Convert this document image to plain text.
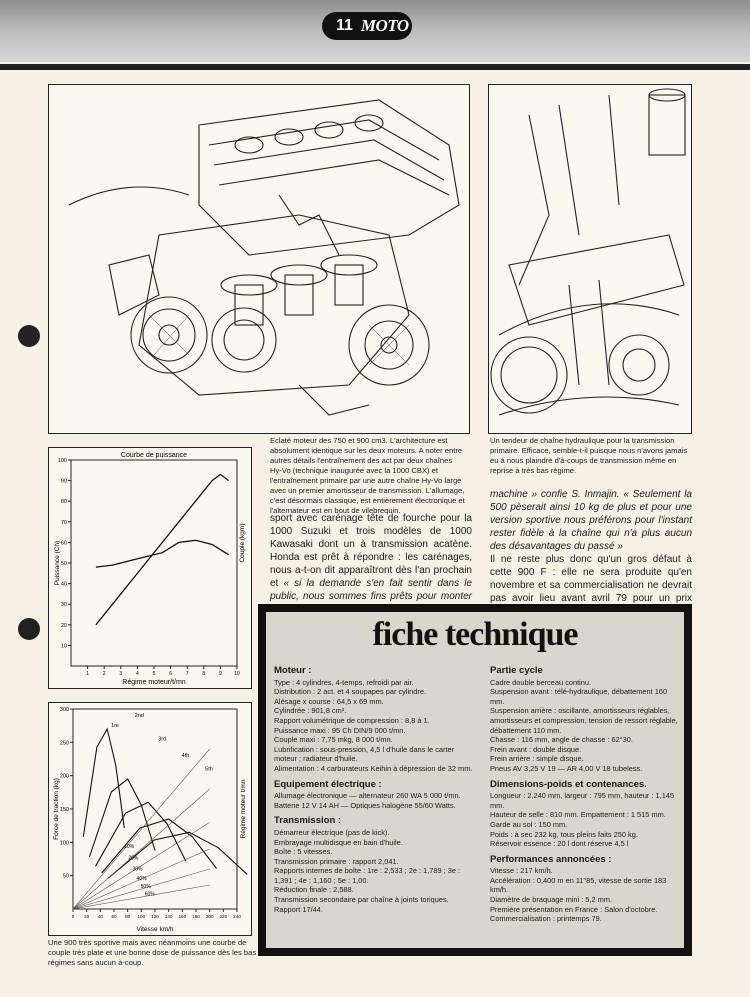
11 MOTO
Eclaté moteur des 750 et 900 cm3. L'architecture est absolument identique sur les deux moteurs. A noter entre autres détails l'entraînement des act par deux chaînes Hy-Vo (technique inaugurée avec la 1000 CBX) et l'entraînement primaire par une autre chaîne Hy-Vo large avec un premier amortisseur de transmission. L'allumage, c'est désormais classique, est entièrement électronique et l'alternateur est en bout de vilebrequin.
Un tendeur de chaîne hydraulique pour la transmission primaire. Efficace, semble-t-il puisque nous n'avons jamais eu à nous plaindre d'à-coups de transmission même en reprise à très bas régime.
Courbe de puissance
10
20
30
40
50
60
70
80
90
100
1	2	3	4	5	6	7	8	9 10
Régime moteur/t/mn
Puissance (Ch)	Couple (kgm)
50
100
150
200
250
300
0 20 40 60 80 100 120 140 160 180 200 220 240
Vitesse km/h
Force de traction (kg)	Régime moteur t/mn
1re
2nd
3rd
4th
5th
10%
20%
30%
40%
50%
60%
Une 900 très sportive mais avec néanmoins une courbe de couple très plate et une bonne dose de puissance dès les bas régimes sans aucun à-coup.

sport avec carénage tête de fourche pour la 1000 Suzuki et trois modèles de 1000 Kawasaki dont un à transmission acatène. Honda est prêt à répondre : les carénages, nous a-t-on dit apparaîtront dès l'an prochain et « si la demande s'en fait sentir dans le public, nous sommes fins prêts pour monter

machine » confie S. Inmajin. « Seulement la 500 pèserait ainsi 10 kg de plus et pour une version sportive nous préférons pour l'instant rester fidèle à la chaîne qui n'a plus aucun des désavantages du passé »

Il ne reste plus donc qu'un gros défaut à cette 900 F : elle ne sera produite qu'en novembre et sa commercialisation ne devrait pas avoir lieu avant avril 79 pour un prix

fiche technique
Moteur :

Type : 4 cylindres, 4-temps, refroidi par air.

Distribution : 2 act. et 4 soupapes par cylindre.

Alésage x course : 64,5 x 69 mm.

Cylindrée : 901,8 cm³.

Rapport volumétrique de compression : 8,8 à 1.

Puissance maxi : 95 Ch DIN/9 000 t/mn.

Couple maxi : 7,75 mkg, 8 000 t/mn.

Lubrification : sous-pression, 4,5 l d'huile dans le carter moteur ; radiateur d'huile.

Alimentation : 4 carburateurs Keihin à dépression de 32 mm.

Equipement électrique :

Allumage électronique — alternateur 260 WA 5 000 t/mn.

Batterie 12 V 14 AH — Optiques halogène 55/60 Watts.

Transmission :

Démarreur électrique (pas de kick).

Embrayage multidisque en bain d'huile.

Boîte : 5 vitesses.

Transmission primaire : rapport 2,041.

Rapports internes de boîte : 1re : 2,533 ; 2e : 1,789 ; 3e : 1,391 ; 4e : 1,160 ; 5e : 1,00.

Réduction finale : 2,588.

Transmission secondaire par chaîne à joints toriques. Rapport 17/44.

Partie cycle

Cadre double berceau continu.

Suspension avant : télé-hydraulique, débattement 160 mm.

Suspension arrière : oscillante, amortisseurs réglables, amortisseurs et compression, tension de ressort réglable, débattement 110 mm.

Chasse : 116 mm, angle de chasse : 62°30.

Frein avant : double disque.

Frein arrière : simple disque.

Pneus AV 3,25 V 19 — AR 4,00 V 18 tubeless.

Dimensions-poids et contenances.

Longueur : 2,240 mm, largeur : 795 mm, hauteur : 1,145 mm.

Hauteur de selle : 810 mm. Empattement : 1 515 mm.

Garde au sol : 150 mm.

Poids : à sec 232 kg, tous pleins faits 250 kg.

Réservoir essence : 20 l dont réserve 4,5 l

Performances annoncées :

Vitesse : 217 km/h.

Accélération : 0,400 m en 11"85, vitesse de sortie 183 km/h.

Diamètre de braquage mini : 5,2 mm.

Première présentation en France : Salon d'octobre.

Commercialisation : printemps 79.
